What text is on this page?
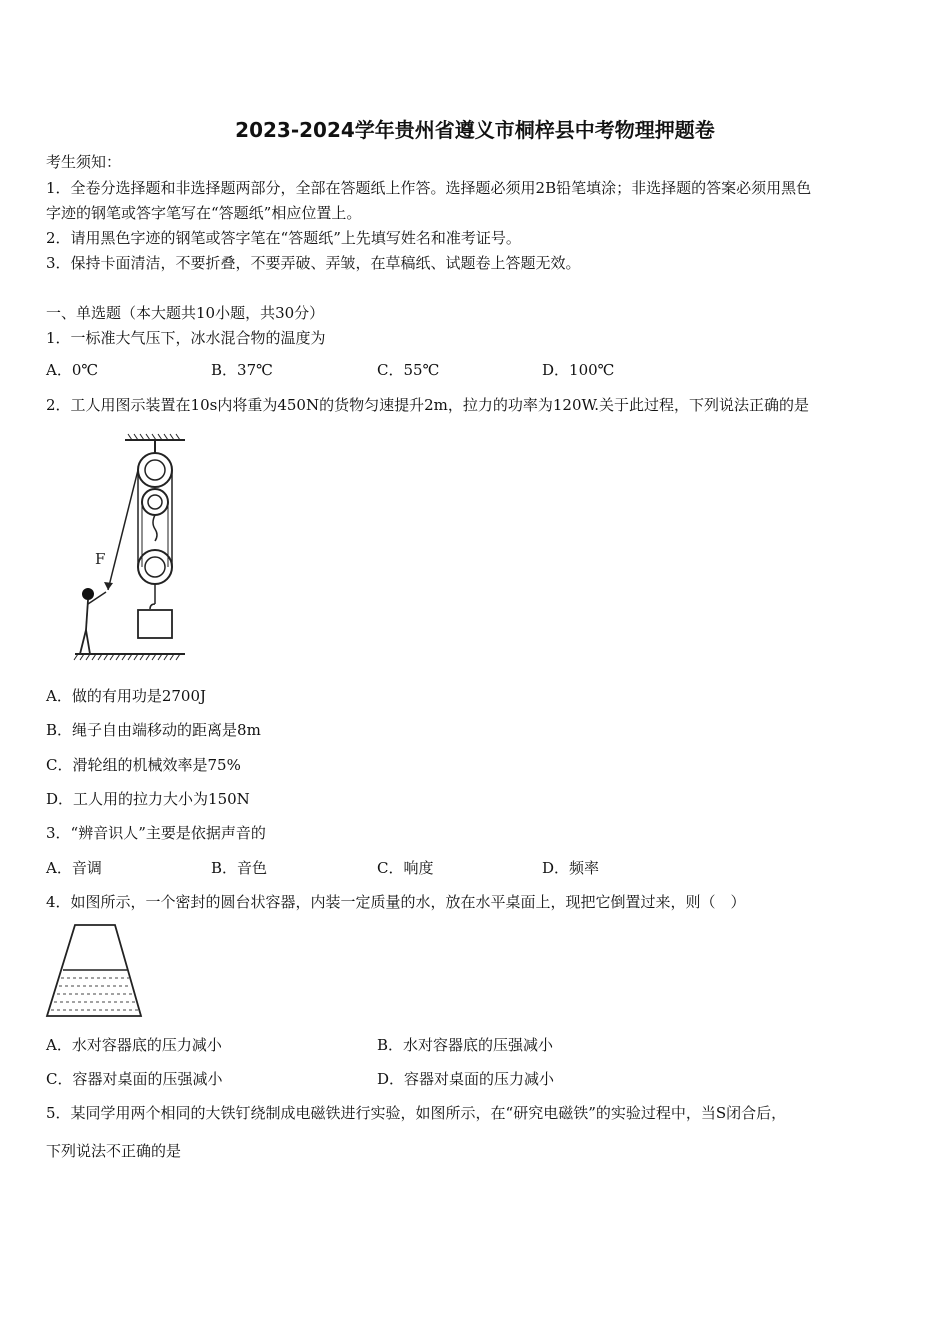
2023-2024学年贵州省遵义市桐梓县中考物理押题卷
考生须知：
1．全卷分选择题和非选择题两部分，全部在答题纸上作答。选择题必须用2B铅笔填涂；非选择题的答案必须用黑色
字迹的钢笔或答字笔写在“答题纸”相应位置上。
2．请用黑色字迹的钢笔或答字笔在“答题纸”上先填写姓名和准考证号。
3．保持卡面清洁，不要折叠，不要弄破、弄皱，在草稿纸、试题卷上答题无效。
一、单选题（本大题共10小题，共30分）
1．一标准大气压下，冰水混合物的温度为
A．0℃	B．37℃	C．55℃	D．100℃
2．工人用图示装置在10s内将重为450N的货物匀速提升2m，拉力的功率为120W.关于此过程，下列说法正确的是
F
A．做的有用功是2700J
B．绳子自由端移动的距离是8m
C．滑轮组的机械效率是75%
D．工人用的拉力大小为150N
3．“辨音识人”主要是依据声音的
A．音调	B．音色	C．响度	D．频率
4．如图所示，一个密封的圆台状容器，内装一定质量的水，放在水平桌面上，现把它倒置过来，则（　）
A．水对容器底的压力减小	B．水对容器底的压强减小
C．容器对桌面的压强减小	D．容器对桌面的压力减小
5．某同学用两个相同的大铁钉绕制成电磁铁进行实验，如图所示，在“研究电磁铁”的实验过程中，当S闭合后，
下列说法不正确的是
